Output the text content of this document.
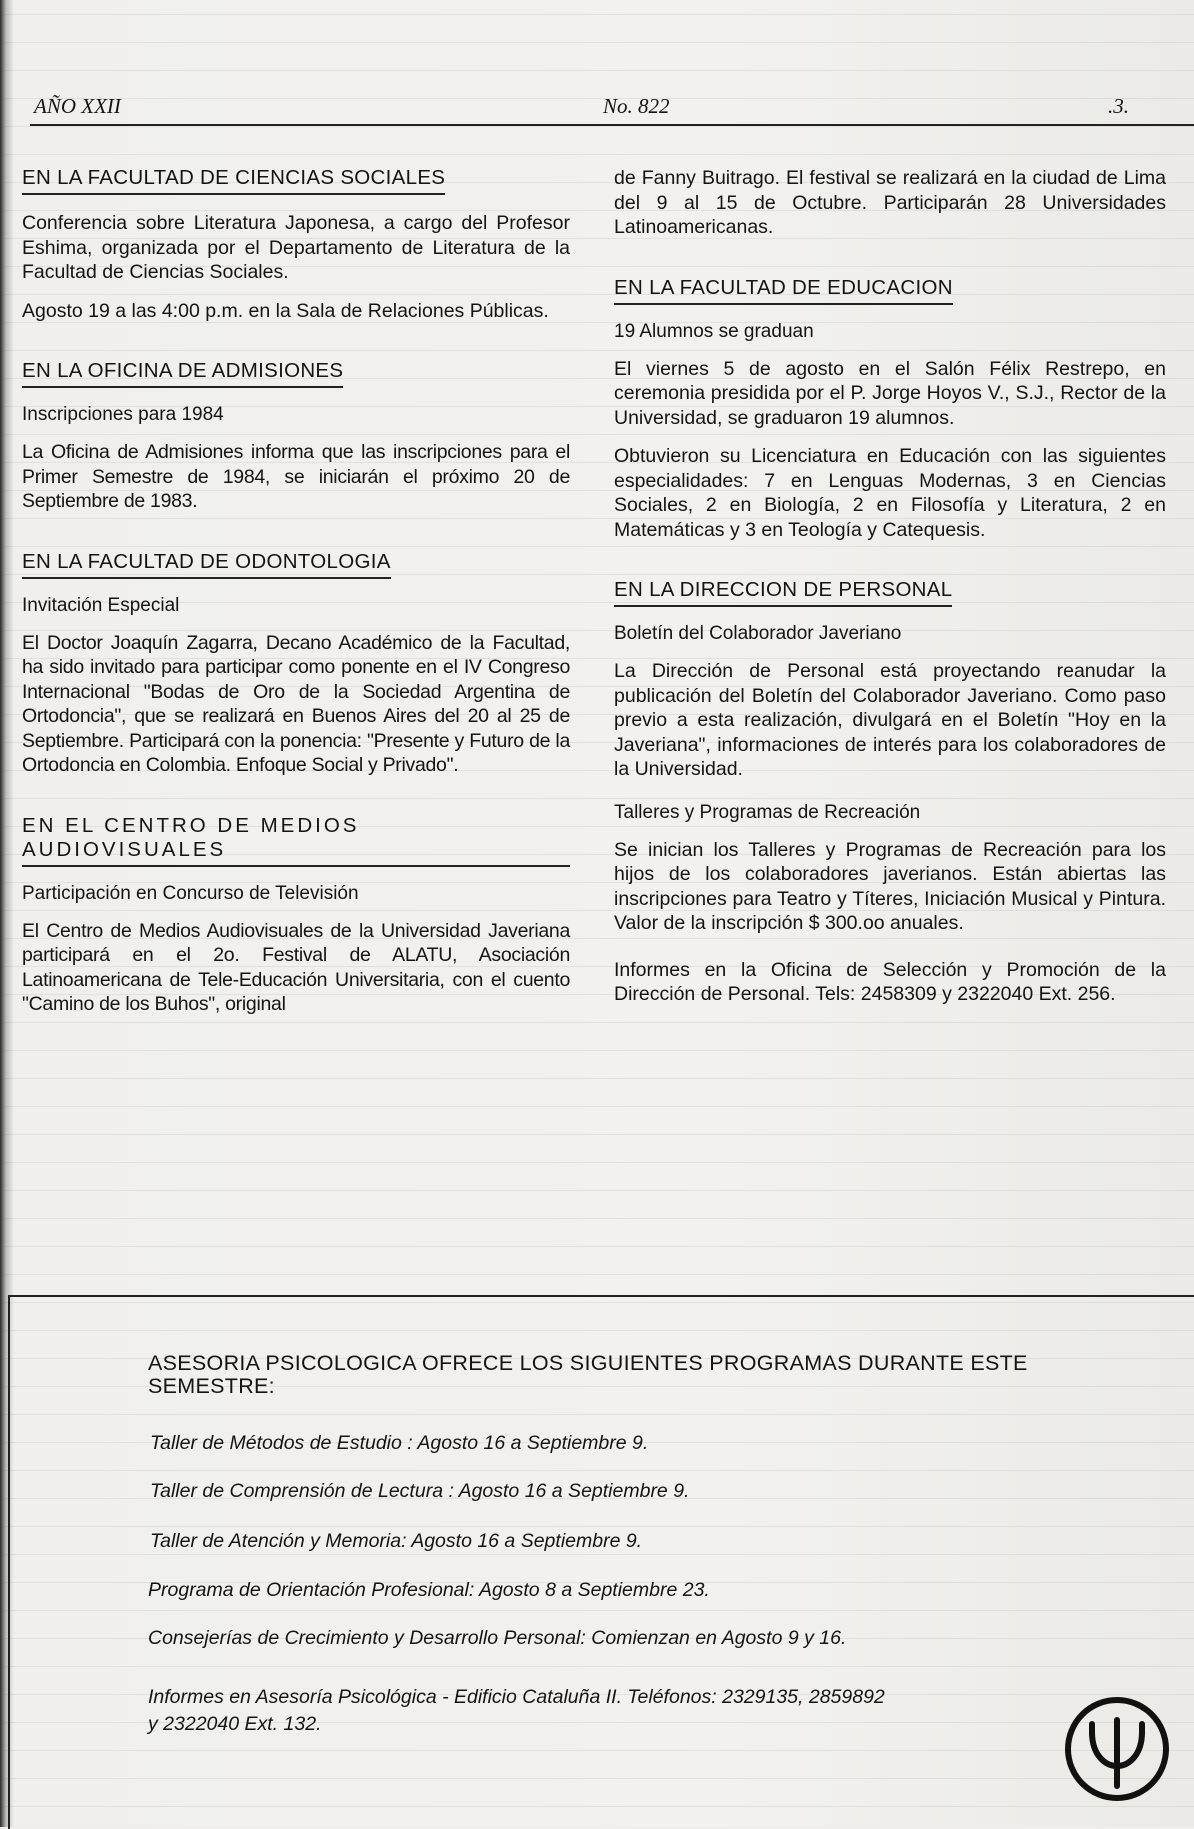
AÑO XXII	No. 822	.3.
EN LA FACULTAD DE CIENCIAS SOCIALES

Conferencia sobre Literatura Japonesa, a cargo del Profesor Eshima, organizada por el Departamento de Literatura de la Facultad de Ciencias Sociales.

Agosto 19 a las 4:00 p.m. en la Sala de Relaciones Públicas.

EN LA OFICINA DE ADMISIONES

Inscripciones para 1984

La Oficina de Admisiones informa que las inscripciones para el Primer Semestre de 1984, se iniciarán el próximo 20 de Septiembre de 1983.

EN LA FACULTAD DE ODONTOLOGIA

Invitación Especial

El Doctor Joaquín Zagarra, Decano Académico de la Facultad, ha sido invitado para participar como ponente en el IV Congreso Internacional "Bodas de Oro de la Sociedad Argentina de Ortodoncia", que se realizará en Buenos Aires del 20 al 25 de Septiembre. Participará con la ponencia: "Presente y Futuro de la Ortodoncia en Colombia. Enfoque Social y Privado".

EN EL CENTRO DE MEDIOS AUDIOVISUALES

Participación en Concurso de Televisión

El Centro de Medios Audiovisuales de la Universidad Javeriana participará en el 2o. Festival de ALATU, Asociación Latinoamericana de Tele-Educación Universitaria, con el cuento "Camino de los Buhos", original

de Fanny Buitrago. El festival se realizará en la ciudad de Lima del 9 al 15 de Octubre. Participarán 28 Universidades Latinoamericanas.

EN LA FACULTAD DE EDUCACION

19 Alumnos se graduan

El viernes 5 de agosto en el Salón Félix Restrepo, en ceremonia presidida por el P. Jorge Hoyos V., S.J., Rector de la Universidad, se graduaron 19 alumnos.

Obtuvieron su Licenciatura en Educación con las siguientes especialidades: 7 en Lenguas Modernas, 3 en Ciencias Sociales, 2 en Biología, 2 en Filosofía y Literatura, 2 en Matemáticas y 3 en Teología y Catequesis.

EN LA DIRECCION DE PERSONAL

Boletín del Colaborador Javeriano

La Dirección de Personal está proyectando reanudar la publicación del Boletín del Colaborador Javeriano. Como paso previo a esta realización, divulgará en el Boletín "Hoy en la Javeriana", informaciones de interés para los colaboradores de la Universidad.

Talleres y Programas de Recreación

Se inician los Talleres y Programas de Recreación para los hijos de los colaboradores javerianos. Están abiertas las inscripciones para Teatro y Títeres, Iniciación Musical y Pintura. Valor de la inscripción $ 300.oo anuales.

Informes en la Oficina de Selección y Promoción de la Dirección de Personal. Tels: 2458309 y 2322040 Ext. 256.

ASESORIA PSICOLOGICA OFRECE LOS SIGUIENTES PROGRAMAS DURANTE ESTE SEMESTRE:
Taller de Métodos de Estudio : Agosto 16 a Septiembre 9.
Taller de Comprensión de Lectura : Agosto 16 a Septiembre 9.
Taller de Atención y Memoria: Agosto 16 a Septiembre 9.
Programa de Orientación Profesional: Agosto 8 a Septiembre 23.
Consejerías de Crecimiento y Desarrollo Personal: Comienzan en Agosto 9 y 16.
Informes en Asesoría Psicológica - Edificio Cataluña II. Teléfonos: 2329135, 2859892
y 2322040 Ext. 132.
